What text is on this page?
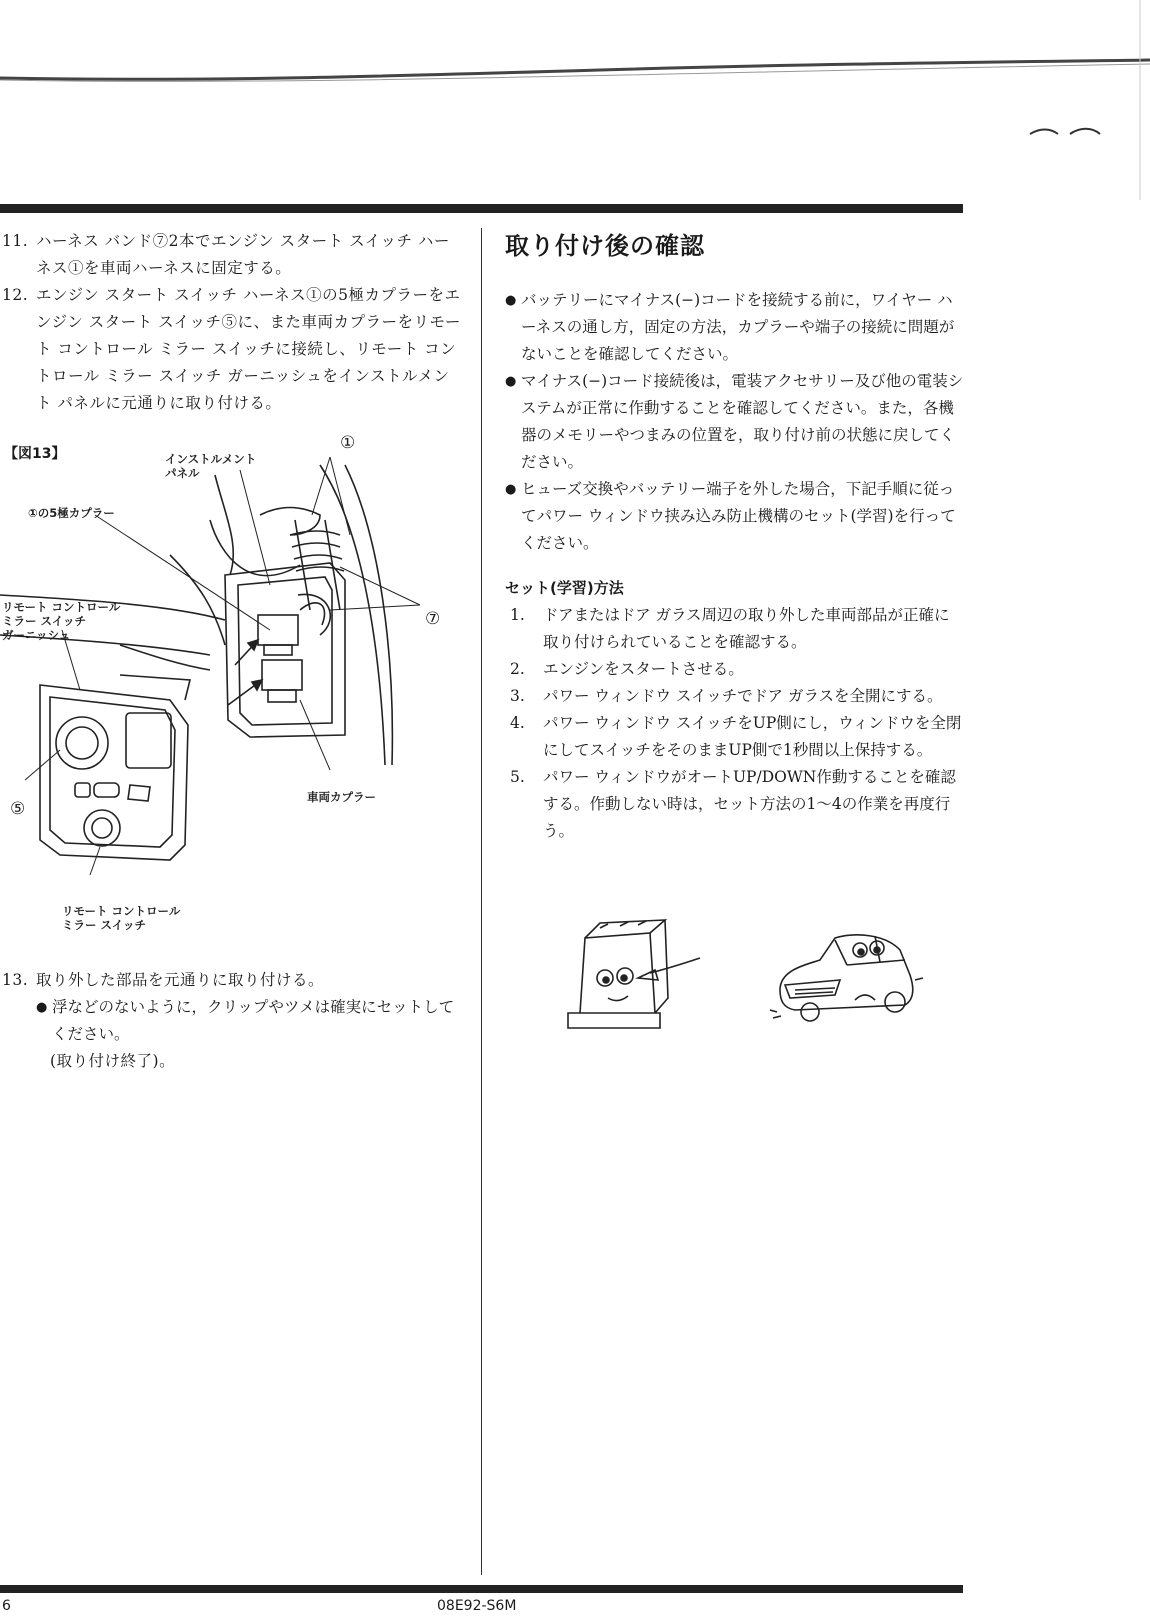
11. ハーネス バンド⑦2本でエンジン スタート スイッチ ハーネス①を車両ハーネスに固定する。
12. エンジン スタート スイッチ ハーネス①の5極カプラーをエンジン スタート スイッチ⑤に、また車両カプラーをリモート コントロール ミラー スイッチに接続し、リモート コントロール ミラー スイッチ ガーニッシュをインストルメント パネルに元通りに取り付ける。
【図13】	インストルメント
パネル
①
①の5極カプラー
リモート コントロール
ミラー スイッチ
ガーニッシュ
⑦
⑤
車両カプラー
リモート コントロール
ミラー スイッチ
13. 取り外した部品を元通りに取り付ける。
● 浮などのないように，クリップやツメは確実にセットしてください。
(取り付け終了)。
取り付け後の確認

● バッテリーにマイナス(−)コードを接続する前に，ワイヤー ハーネスの通し方，固定の方法，カプラーや端子の接続に問題がないことを確認してください。

● マイナス(−)コード接続後は，電装アクセサリー及び他の電装システムが正常に作動することを確認してください。また，各機器のメモリーやつまみの位置を，取り付け前の状態に戻してください。

● ヒューズ交換やバッテリー端子を外した場合，下記手順に従ってパワー ウィンドウ挟み込み防止機構のセット(学習)を行ってください。

セット(学習)方法
1. ドアまたはドア ガラス周辺の取り外した車両部品が正確に取り付けられていることを確認する。
2. エンジンをスタートさせる。
3. パワー ウィンドウ スイッチでドア ガラスを全開にする。
4. パワー ウィンドウ スイッチをUP側にし，ウィンドウを全閉にしてスイッチをそのままUP側で1秒間以上保持する。
5. パワー ウィンドウがオートUP/DOWN作動することを確認する。作動しない時は，セット方法の1〜4の作業を再度行う。
6	08E92-S6M
